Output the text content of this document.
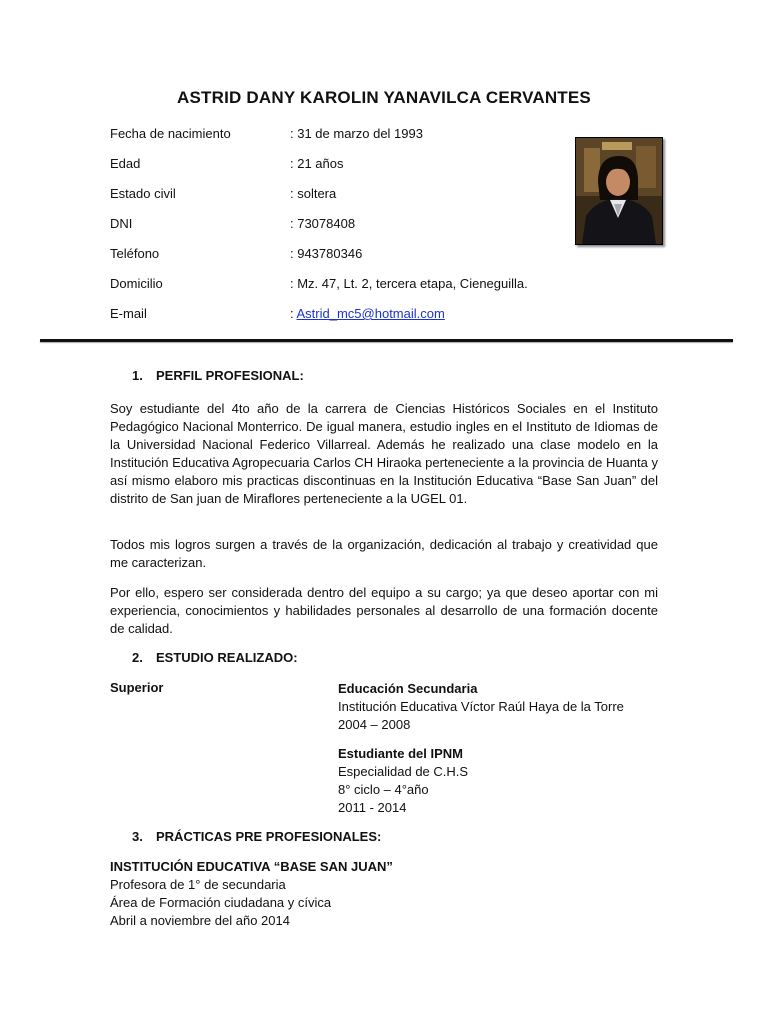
ASTRID DANY KAROLIN YANAVILCA CERVANTES
Fecha de nacimiento	: 31 de marzo del 1993
Edad	: 21 años
Estado civil	: soltera
DNI	: 73078408
Teléfono	: 943780346
Domicilio	: Mz. 47, Lt. 2, tercera etapa, Cieneguilla.
E-mail	: Astrid_mc5@hotmail.com
1. PERFIL PROFESIONAL:

Soy estudiante del 4to año de la carrera de Ciencias Históricos Sociales en el Instituto Pedagógico Nacional Monterrico. De igual manera, estudio ingles en el Instituto de Idiomas de la Universidad Nacional Federico Villarreal. Además he realizado una clase modelo en la Institución Educativa Agropecuaria Carlos CH Hiraoka perteneciente a la provincia de Huanta y así mismo elaboro mis practicas discontinuas en la Institución Educativa “Base San Juan” del distrito de San juan de Miraflores perteneciente a la UGEL 01.

Todos mis logros surgen a través de la organización, dedicación al trabajo y creatividad que me caracterizan.

Por ello, espero ser considerada dentro del equipo a su cargo; ya que deseo aportar con mi experiencia, conocimientos y habilidades personales al desarrollo de una formación docente de calidad.

2. ESTUDIO REALIZADO:
Superior	Educación Secundaria
Institución Educativa Víctor Raúl Haya de la Torre
2004 – 2008
Estudiante del IPNM
Especialidad de C.H.S
8° ciclo – 4°año
2011 - 2014
3. PRÁCTICAS PRE PROFESIONALES:
INSTITUCIÓN EDUCATIVA “BASE SAN JUAN”
Profesora de 1° de secundaria
Área de Formación ciudadana y cívica
Abril a noviembre del año 2014
